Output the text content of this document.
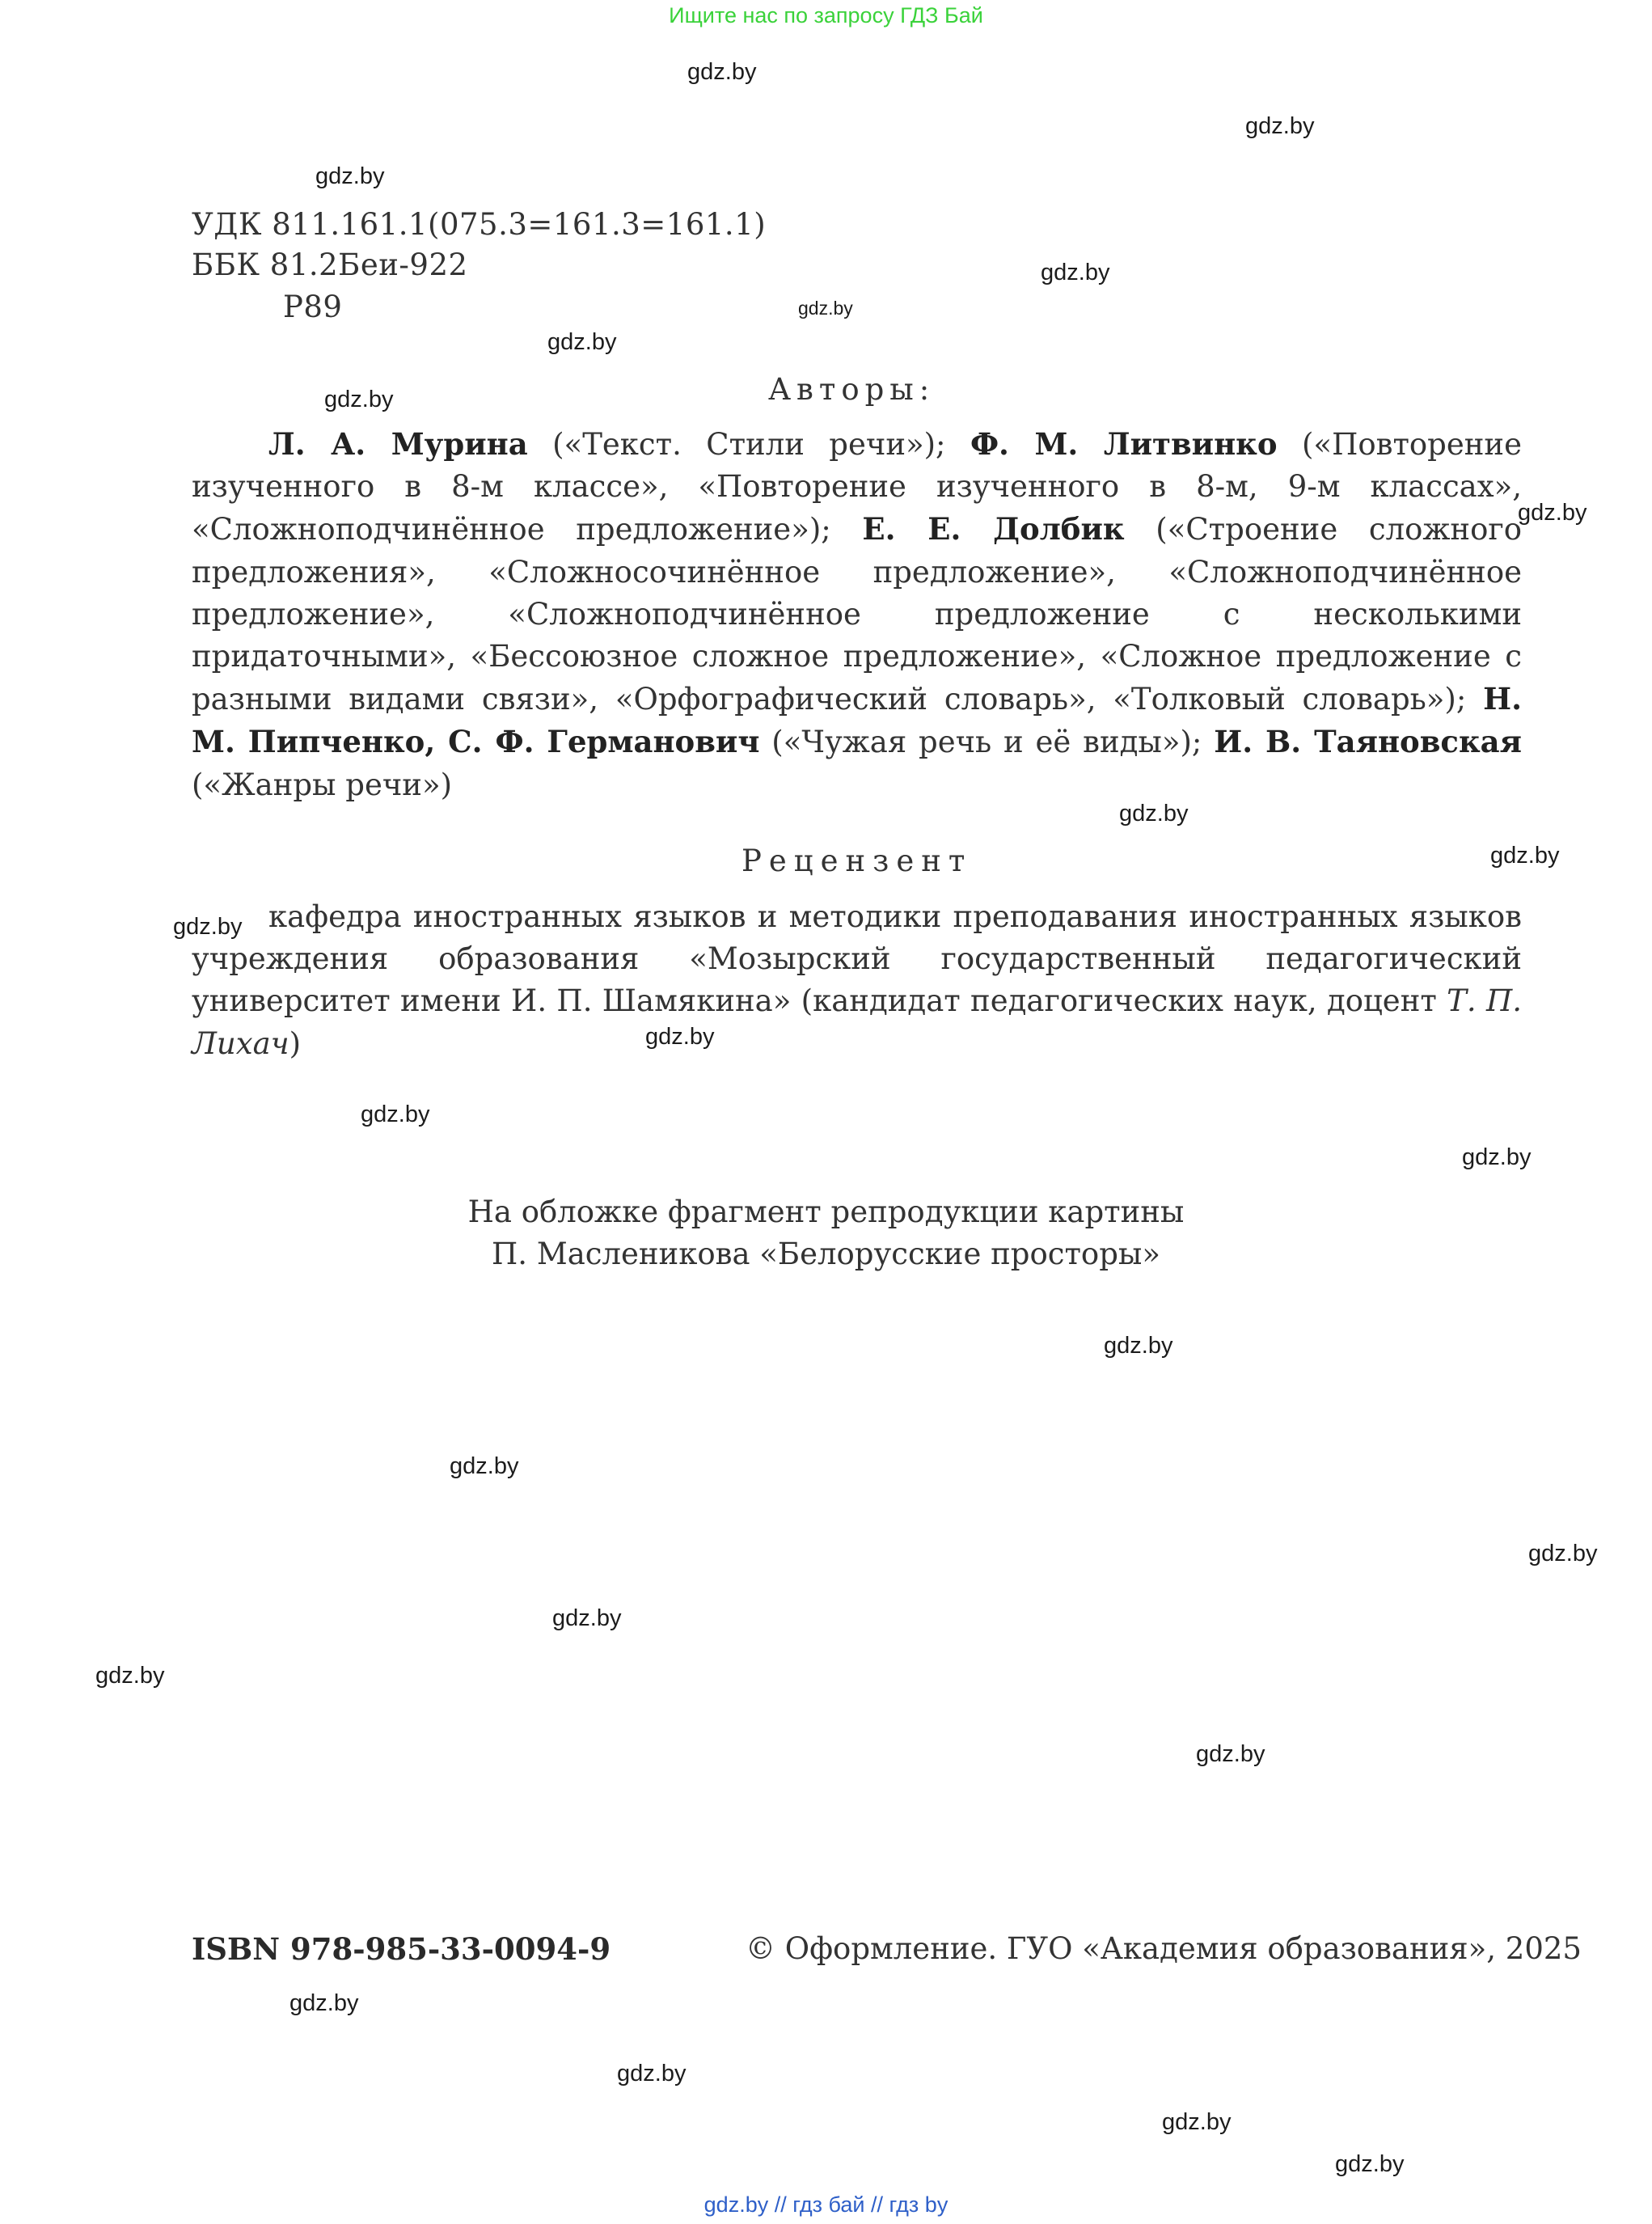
Ищите нас по запросу ГДЗ Бай
gdz.by
gdz.by
gdz.by
gdz.by
gdz.by
gdz.by
gdz.by
gdz.by
gdz.by
gdz.by
gdz.by
gdz.by
gdz.by
gdz.by
gdz.by
gdz.by
gdz.by
gdz.by
gdz.by
gdz.by
gdz.by
gdz.by
gdz.by
gdz.by
УДК 811.161.1(075.3=161.3=161.1)
ББК 81.2Беи-922
Р89
Авторы:
Л. А. Мурина («Текст. Стили речи»); Ф. М. Литвинко («Повторение изученного в 8-м классе», «Повторение изученного в 8-м, 9-м классах», «Сложноподчинённое предложение»); Е. Е. Долбик («Строение сложного предложения», «Сложносочинённое предложение», «Сложноподчинённое предложение», «Сложноподчинённое предложение с несколькими придаточными», «Бессоюзное сложное предложение», «Сложное предложение с разными видами связи», «Орфографический словарь», «Толковый словарь»); Н. М. Пипченко, С. Ф. Германович («Чужая речь и её виды»); И. В. Таяновская («Жанры речи»)
Рецензент
кафедра иностранных языков и методики преподавания иностранных языков учреждения образования «Мозырский государственный педагогический университет имени И. П. Шамякина» (кандидат педагогических наук, доцент Т. П. Лихач)
На обложке фрагмент репродукции картины
П. Масленикова «Белорусские просторы»
ISBN 978-985-33-0094-9	© Оформление. ГУО «Академия образования», 2025
gdz.by // гдз бай // гдз by
